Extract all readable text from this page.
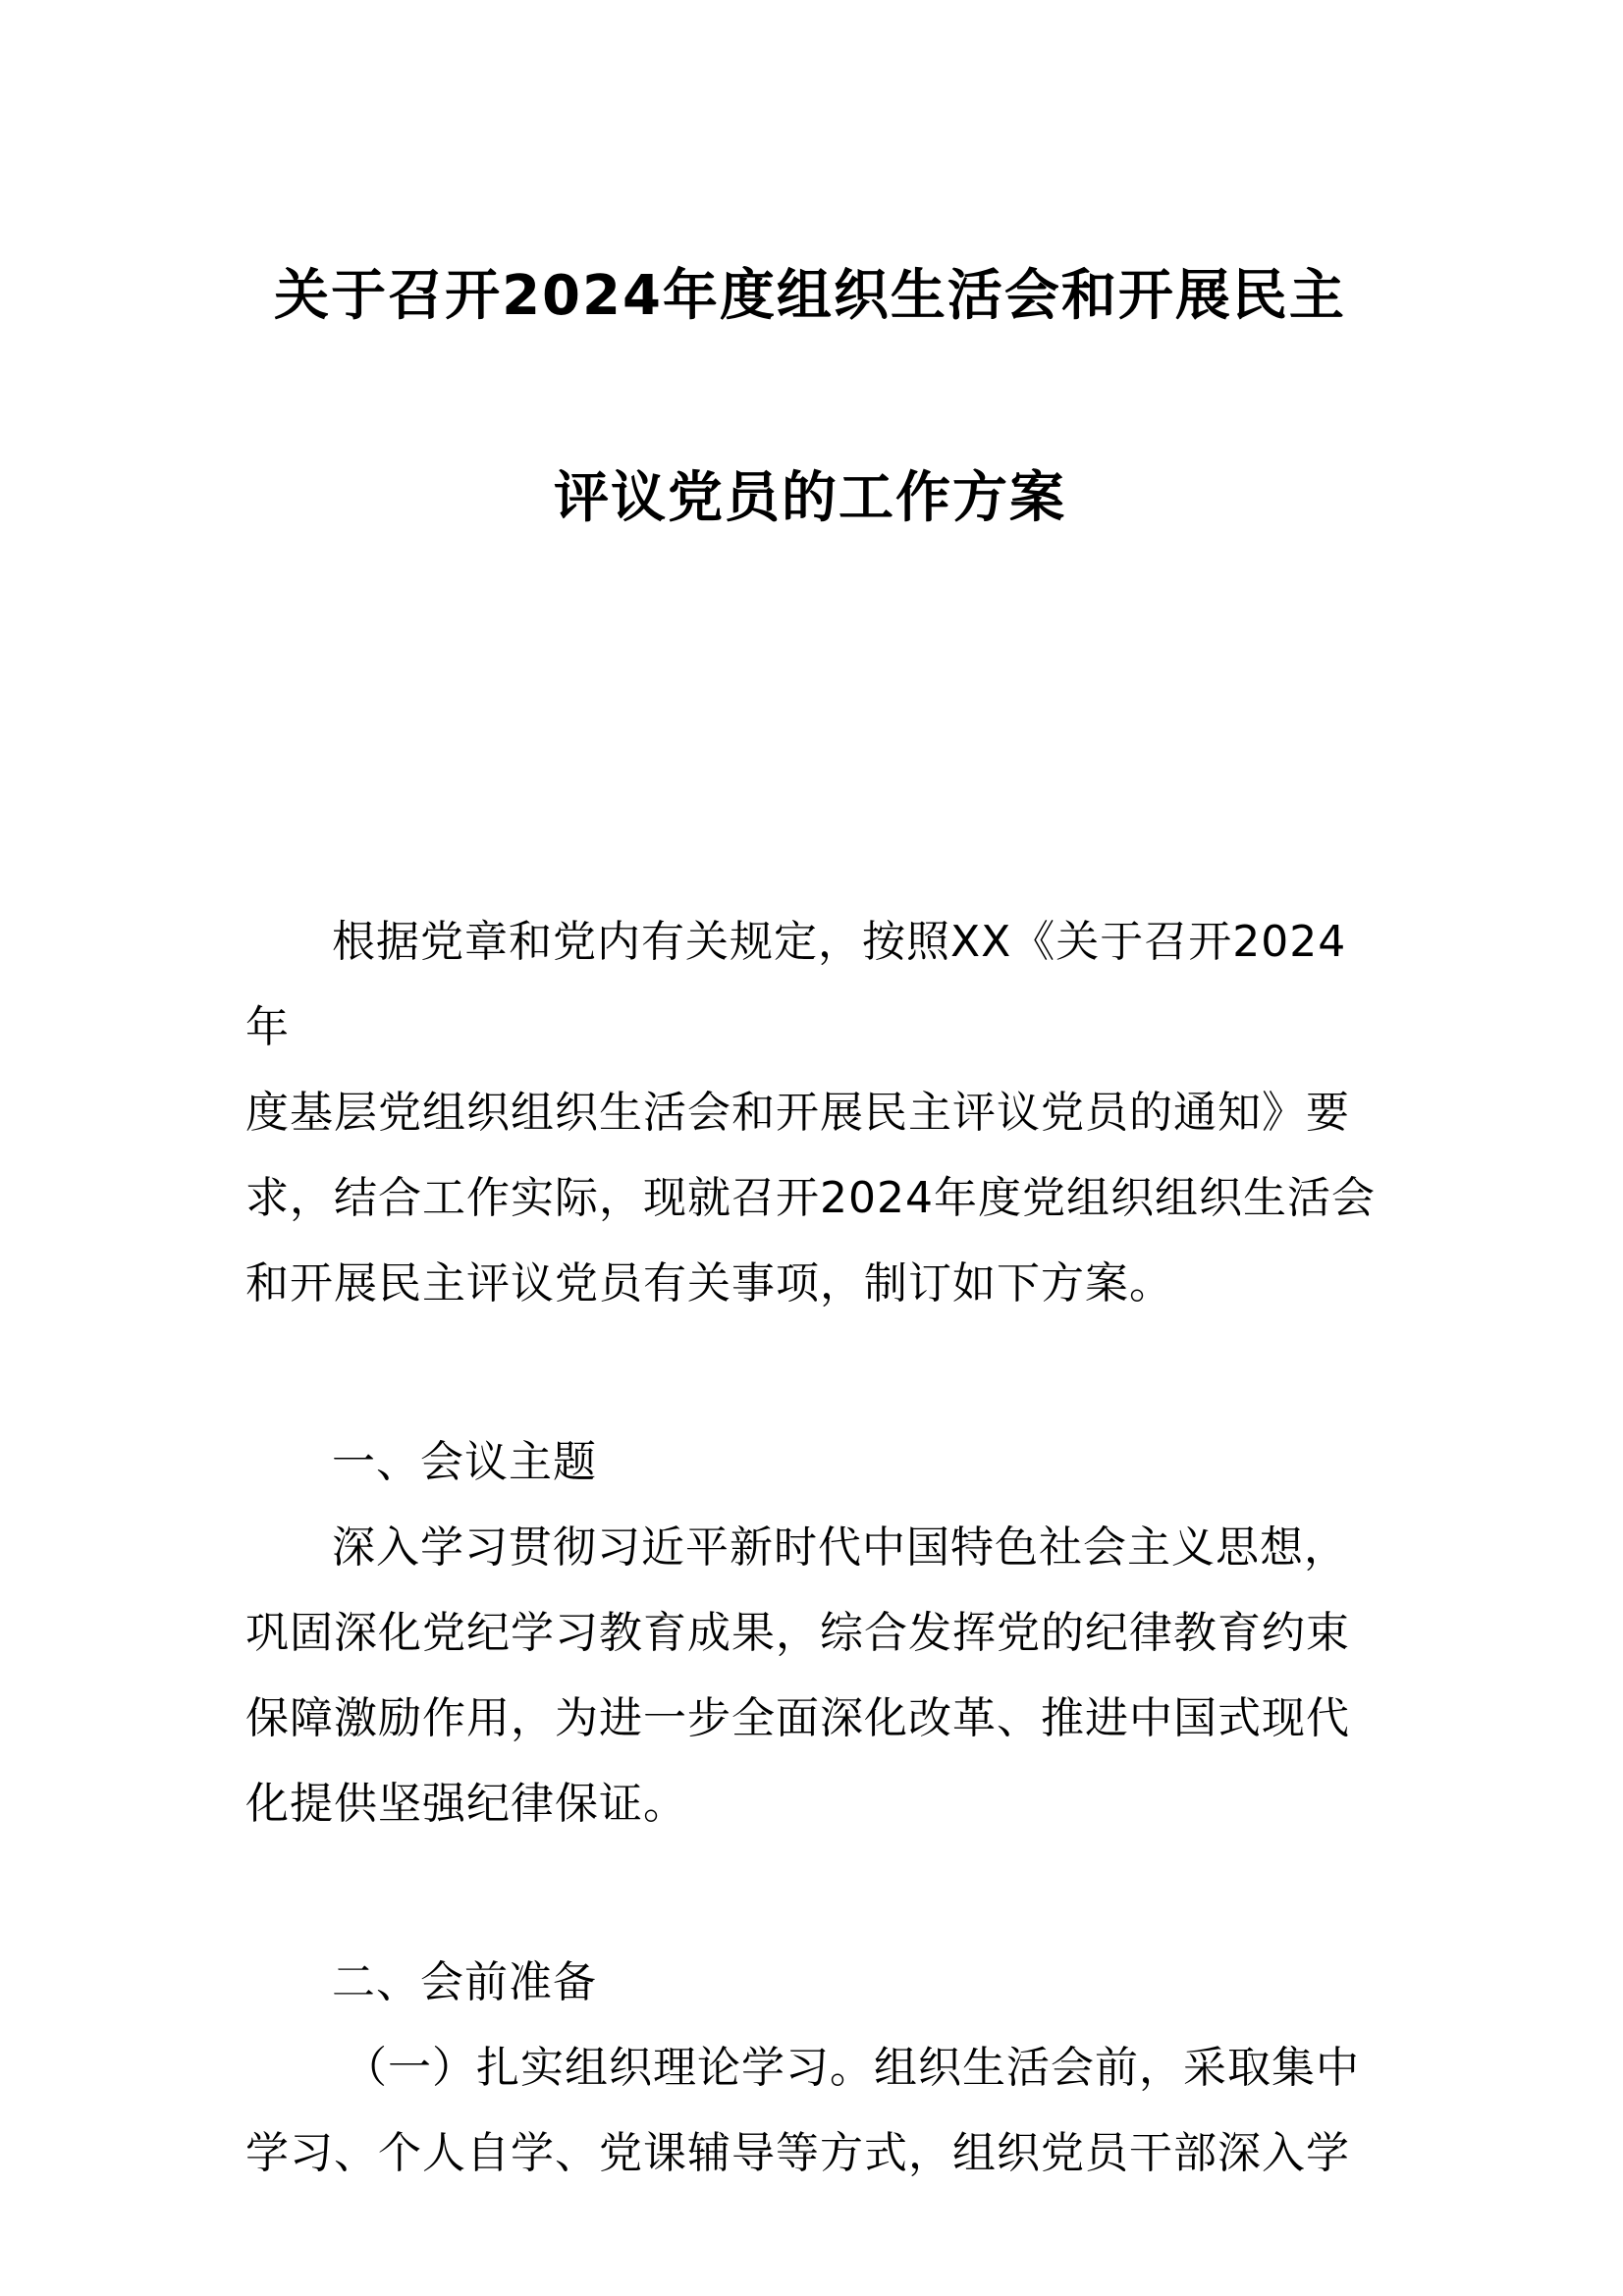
关于召开2024年度组织生活会和开展民主
评议党员的工作方案
根据党章和党内有关规定，按照XX《关于召开2024年
度基层党组织组织生活会和开展民主评议党员的通知》要
求，结合工作实际，现就召开2024年度党组织组织生活会
和开展民主评议党员有关事项，制订如下方案。
一、会议主题
深入学习贯彻习近平新时代中国特色社会主义思想，
巩固深化党纪学习教育成果，综合发挥党的纪律教育约束
保障激励作用，为进一步全面深化改革、推进中国式现代
化提供坚强纪律保证。
二、会前准备
（一）扎实组织理论学习。组织生活会前，采取集中
学习、个人自学、党课辅导等方式，组织党员干部深入学
